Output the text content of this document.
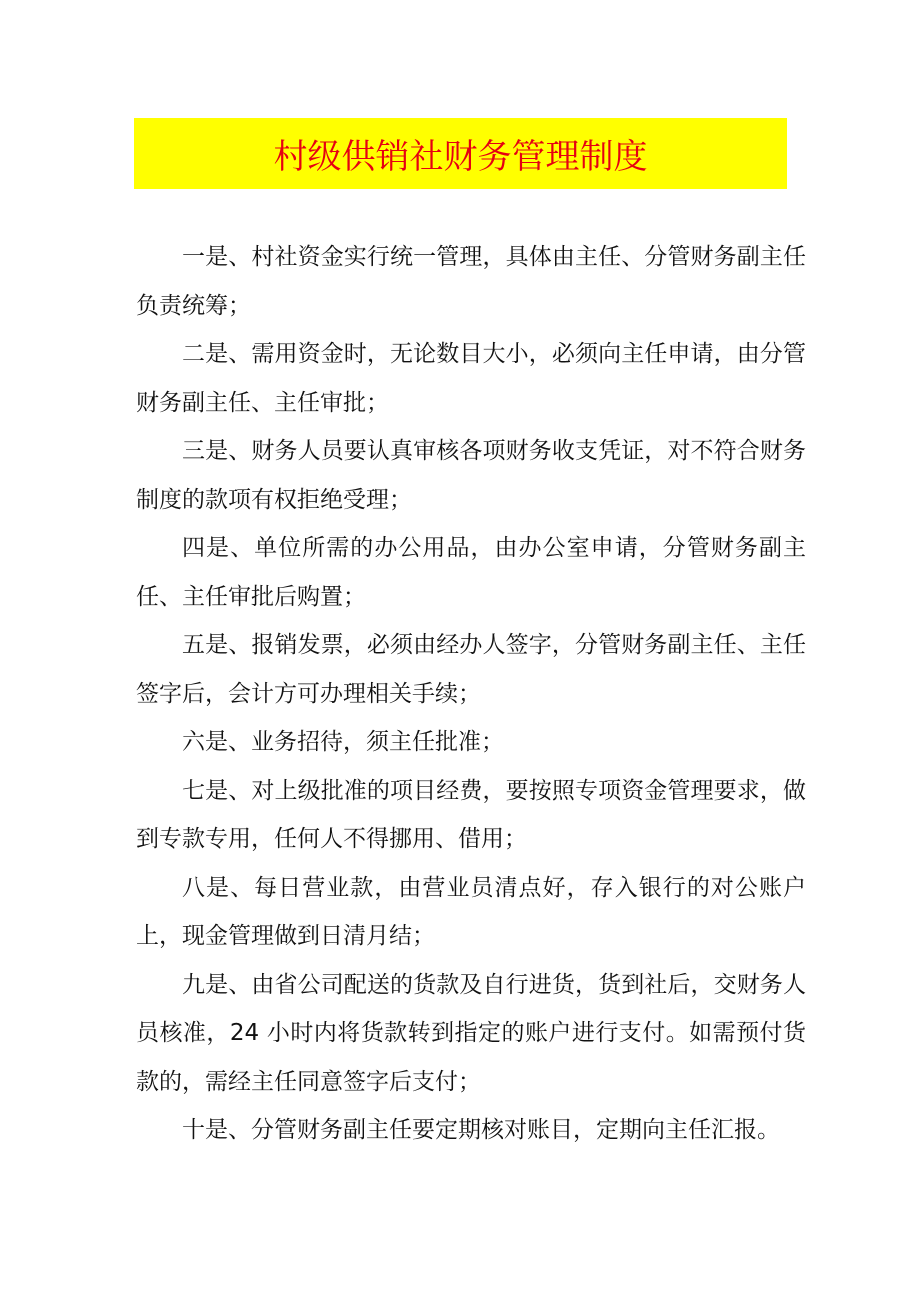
村级供销社财务管理制度

一是、村社资金实行统一管理，具体由主任、分管财务副主任负责统筹；

二是、需用资金时，无论数目大小，必须向主任申请，由分管财务副主任、主任审批；

三是、财务人员要认真审核各项财务收支凭证，对不符合财务制度的款项有权拒绝受理；

四是、单位所需的办公用品，由办公室申请，分管财务副主任、主任审批后购置；

五是、报销发票，必须由经办人签字，分管财务副主任、主任签字后，会计方可办理相关手续；

六是、业务招待，须主任批准；

七是、对上级批准的项目经费，要按照专项资金管理要求，做到专款专用，任何人不得挪用、借用；

八是、每日营业款，由营业员清点好，存入银行的对公账户上，现金管理做到日清月结；

九是、由省公司配送的货款及自行进货，货到社后，交财务人员核准，24 小时内将货款转到指定的账户进行支付。如需预付货款的，需经主任同意签字后支付；

十是、分管财务副主任要定期核对账目，定期向主任汇报。
